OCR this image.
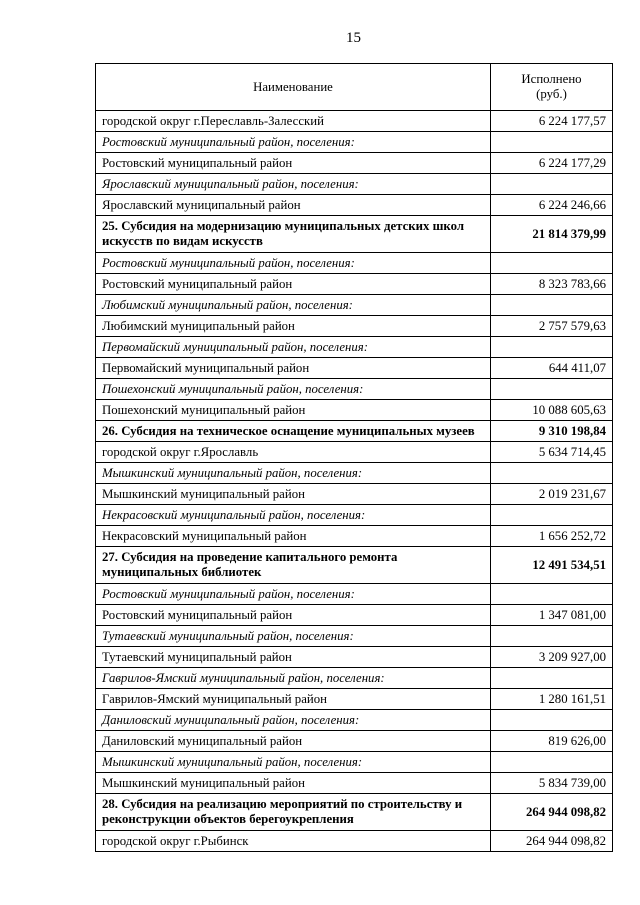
15
Наименование	Исполнено
(руб.)

городской округ г.Переславль-Залесский	6 224 177,57

Ростовский муниципальный район, поселения:	

Ростовский муниципальный район	6 224 177,29

Ярославский муниципальный район, поселения:	

Ярославский муниципальный район	6 224 246,66

25. Субсидия на модернизацию муниципальных детских школ
искусств по видам искусств	21 814 379,99

Ростовский муниципальный район, поселения:	

Ростовский муниципальный район	8 323 783,66

Любимский муниципальный район, поселения:	

Любимский муниципальный район	2 757 579,63

Первомайский муниципальный район, поселения:	

Первомайский муниципальный район	644 411,07

Пошехонский муниципальный район, поселения:	

Пошехонский муниципальный район	10 088 605,63

26. Субсидия на техническое оснащение муниципальных музеев	9 310 198,84

городской округ г.Ярославль	5 634 714,45

Мышкинский муниципальный район, поселения:	

Мышкинский муниципальный район	2 019 231,67

Некрасовский муниципальный район, поселения:	

Некрасовский муниципальный район	1 656 252,72

27. Субсидия на проведение капитального ремонта
муниципальных библиотек	12 491 534,51

Ростовский муниципальный район, поселения:	

Ростовский муниципальный район	1 347 081,00

Тутаевский муниципальный район, поселения:	

Тутаевский муниципальный район	3 209 927,00

Гаврилов-Ямский муниципальный район, поселения:	

Гаврилов-Ямский муниципальный район	1 280 161,51

Даниловский муниципальный район, поселения:	

Даниловский муниципальный район	819 626,00

Мышкинский муниципальный район, поселения:	

Мышкинский муниципальный район	5 834 739,00

28. Субсидия на реализацию мероприятий по строительству и
реконструкции объектов берегоукрепления	264 944 098,82

городской округ г.Рыбинск	264 944 098,82
